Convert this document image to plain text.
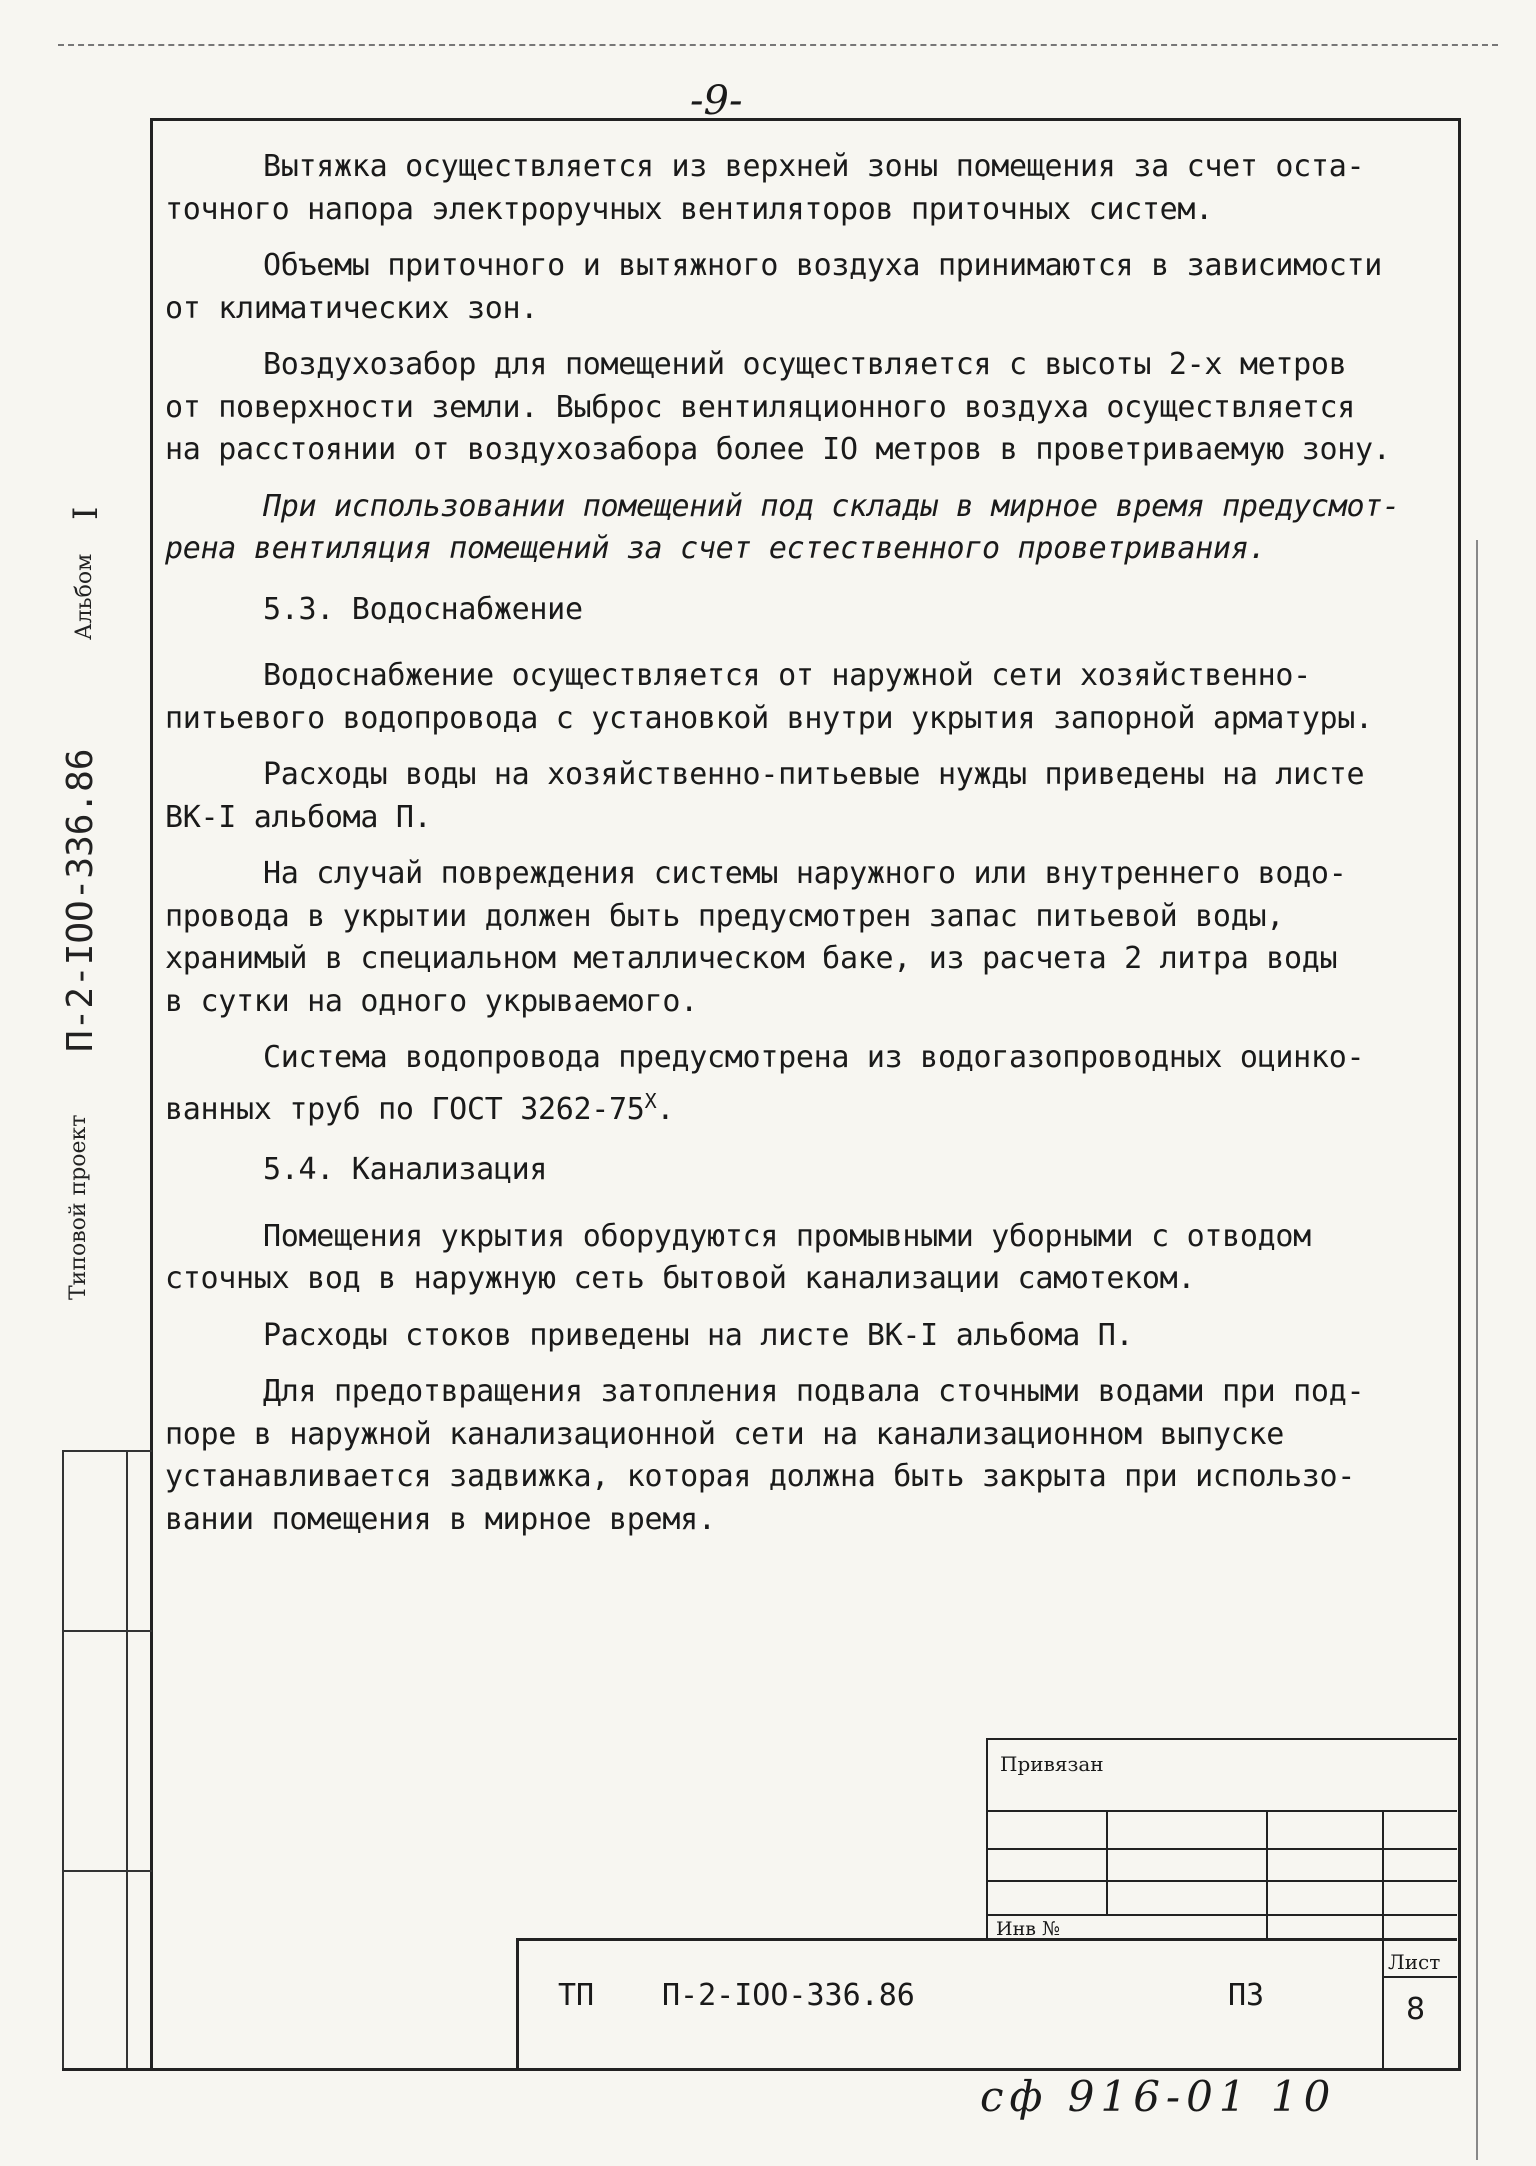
-9-
Альбом
I
П-2-IОО-336.86
Типовой проект

Вытяжка осуществляется из верхней зоны помещения за счет оста-
точного напора электроручных вентиляторов приточных систем.

Объемы приточного и вытяжного воздуха принимаются в зависимости
от климатических зон.

Воздухозабор для помещений осуществляется с высоты 2-х метров
от поверхности земли. Выброс вентиляционного воздуха осуществляется
на расстоянии от воздухозабора более IО метров в проветриваемую зону.

При использовании помещений под склады в мирное время предусмот-
рена вентиляция помещений за счет естественного проветривания.

5.3. Водоснабжение

Водоснабжение осуществляется от наружной сети хозяйственно-
питьевого водопровода с установкой внутри укрытия запорной арматуры.

Расходы воды на хозяйственно-питьевые нужды приведены на листе
ВК-I альбома П.

На случай повреждения системы наружного или внутреннего водо-
провода в укрытии должен быть предусмотрен запас питьевой воды,
хранимый в специальном металлическом баке, из расчета 2 литра воды
в сутки на одного укрываемого.

Система водопровода предусмотрена из водогазопроводных оцинко-
ванных труб по ГОСТ $3262-75^X$.

5.4. Канализация

Помещения укрытия оборудуются промывными уборными с отводом
сточных вод в наружную сеть бытовой канализации самотеком.

Расходы стоков приведены на листе ВК-I альбома П.

Для предотвращения затопления подвала сточными водами при под-
поре в наружной канализационной сети на канализационном выпуске
устанавливается задвижка, которая должна быть закрыта при использо-
вании помещения в мирное время.

Привязан
Инв №
ТП П-2-IОО-336.86	ПЗ
Лист
8
сф 916-01 10
